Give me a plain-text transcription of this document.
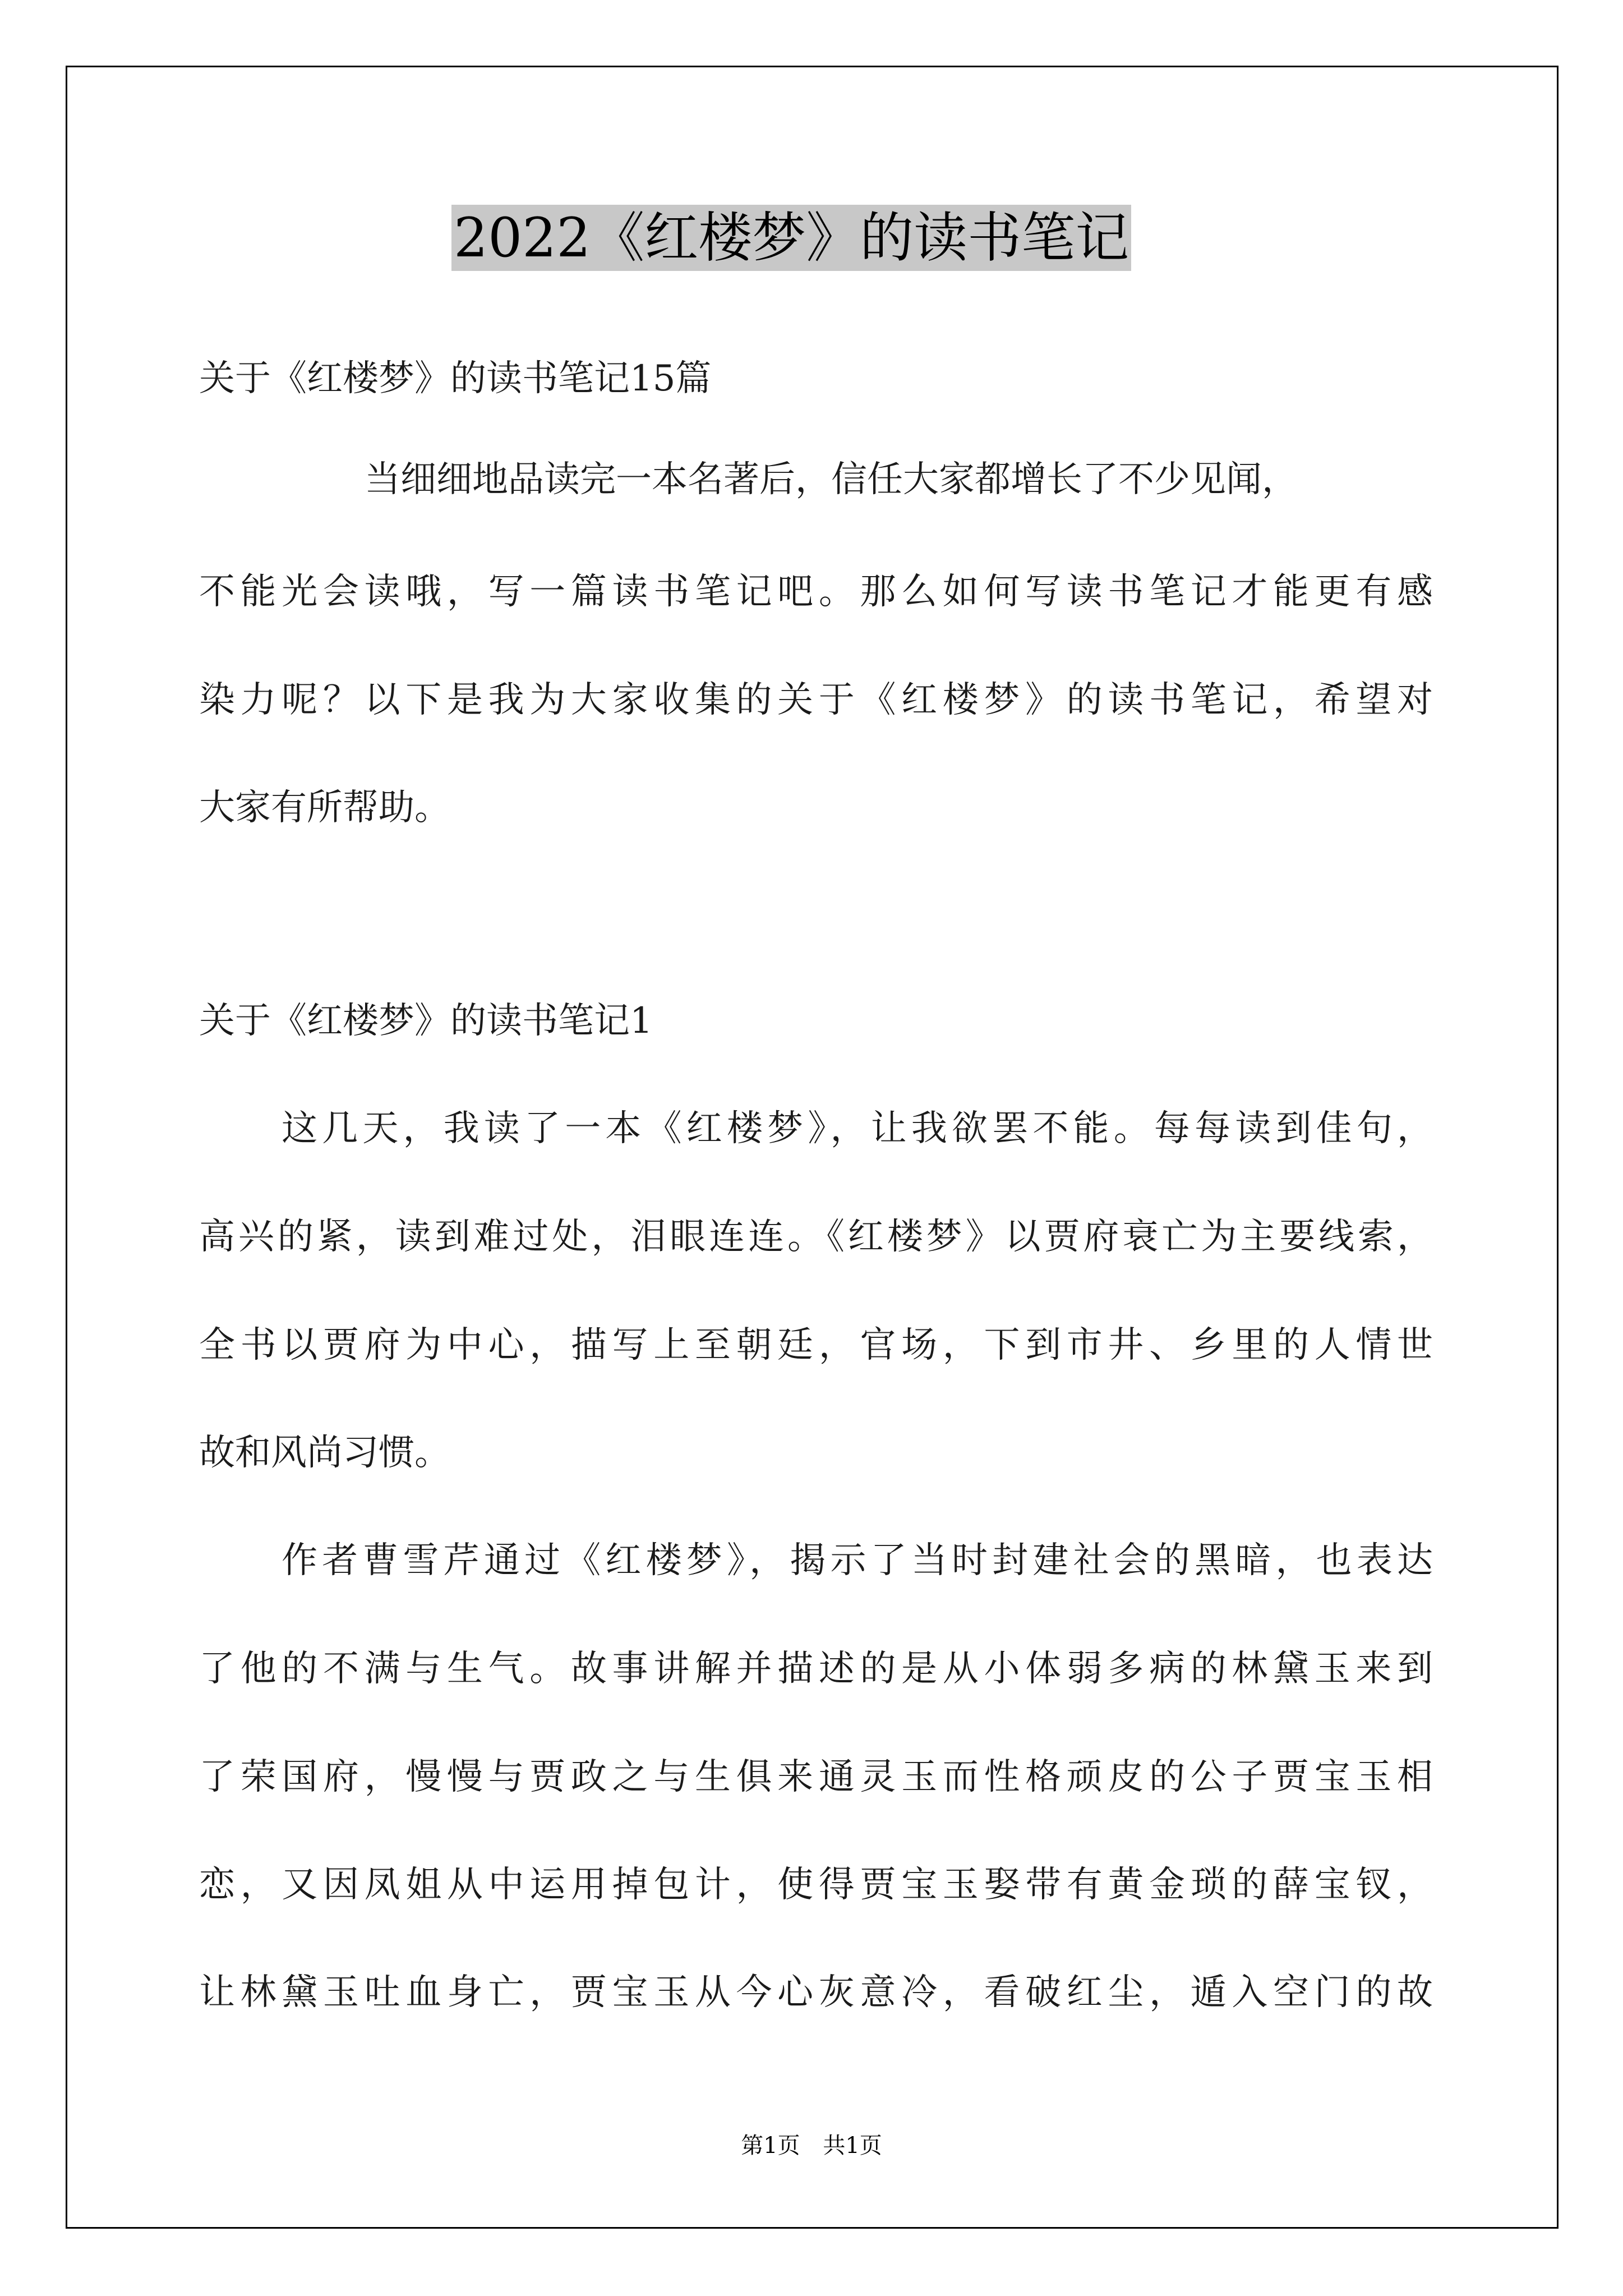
2022《红楼梦》的读书笔记
关于《红楼梦》的读书笔记15篇
当细细地品读完一本名著后，信任大家都增长了不少见闻，
不能光会读哦，写一篇读书笔记吧。那么如何写读书笔记才能更有感
染力呢？以下是我为大家收集的关于《红楼梦》的读书笔记，希望对
大家有所帮助。
关于《红楼梦》的读书笔记1
这几天，我读了一本《红楼梦》，让我欲罢不能。每每读到佳句，
高兴的紧，读到难过处，泪眼连连。《红楼梦》以贾府衰亡为主要线索，
全书以贾府为中心，描写上至朝廷，官场，下到市井、乡里的人情世
故和风尚习惯。
作者曹雪芹通过《红楼梦》，揭示了当时封建社会的黑暗，也表达
了他的不满与生气。故事讲解并描述的是从小体弱多病的林黛玉来到
了荣国府，慢慢与贾政之与生俱来通灵玉而性格顽皮的公子贾宝玉相
恋，又因凤姐从中运用掉包计，使得贾宝玉娶带有黄金琐的薛宝钗，
让林黛玉吐血身亡，贾宝玉从今心灰意冷，看破红尘，遁入空门的故
第1页 共1页
